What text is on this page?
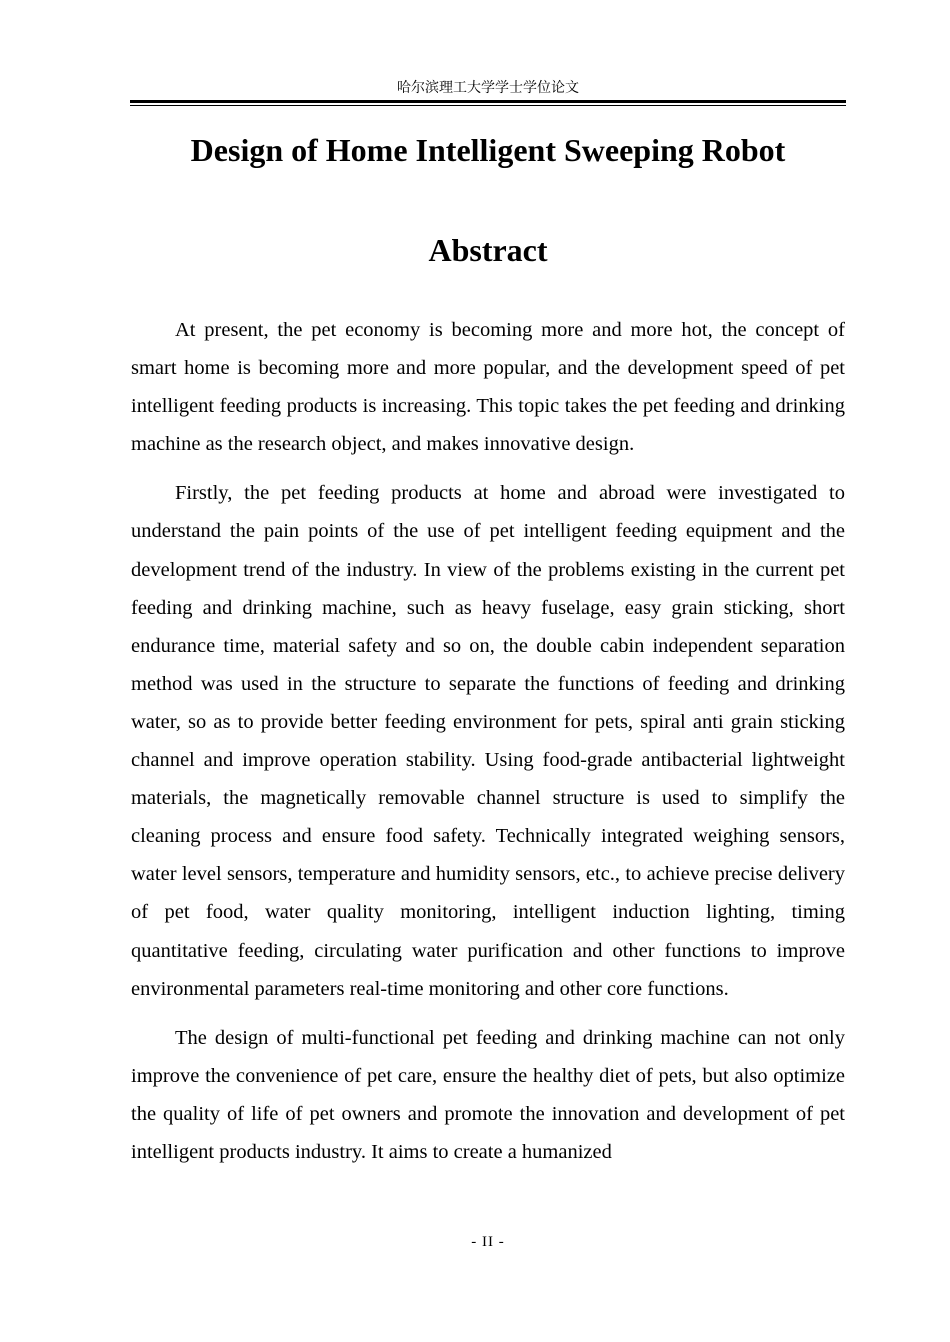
哈尔滨理工大学学士学位论文
Design of Home Intelligent Sweeping Robot
Abstract

At present, the pet economy is becoming more and more hot, the concept of smart home is becoming more and more popular, and the development speed of pet intelligent feeding products is increasing. This topic takes the pet feeding and drinking machine as the research object, and makes innovative design.

Firstly, the pet feeding products at home and abroad were investigated to understand the pain points of the use of pet intelligent feeding equipment and the development trend of the industry. In view of the problems existing in the current pet feeding and drinking machine, such as heavy fuselage, easy grain sticking, short endurance time, material safety and so on, the double cabin independent separation method was used in the structure to separate the functions of feeding and drinking water, so as to provide better feeding environment for pets, spiral anti grain sticking channel and improve operation stability. Using food-grade antibacterial lightweight materials, the magnetically removable channel structure is used to simplify the cleaning process and ensure food safety. Technically integrated weighing sensors, water level sensors, temperature and humidity sensors, etc., to achieve precise delivery of pet food, water quality monitoring, intelligent induction lighting, timing quantitative feeding, circulating water purification and other functions to improve environmental parameters real-time monitoring and other core functions.

The design of multi-functional pet feeding and drinking machine can not only improve the convenience of pet care, ensure the healthy diet of pets, but also optimize the quality of life of pet owners and promote the innovation and development of pet intelligent products industry. It aims to create a humanized

- II -
